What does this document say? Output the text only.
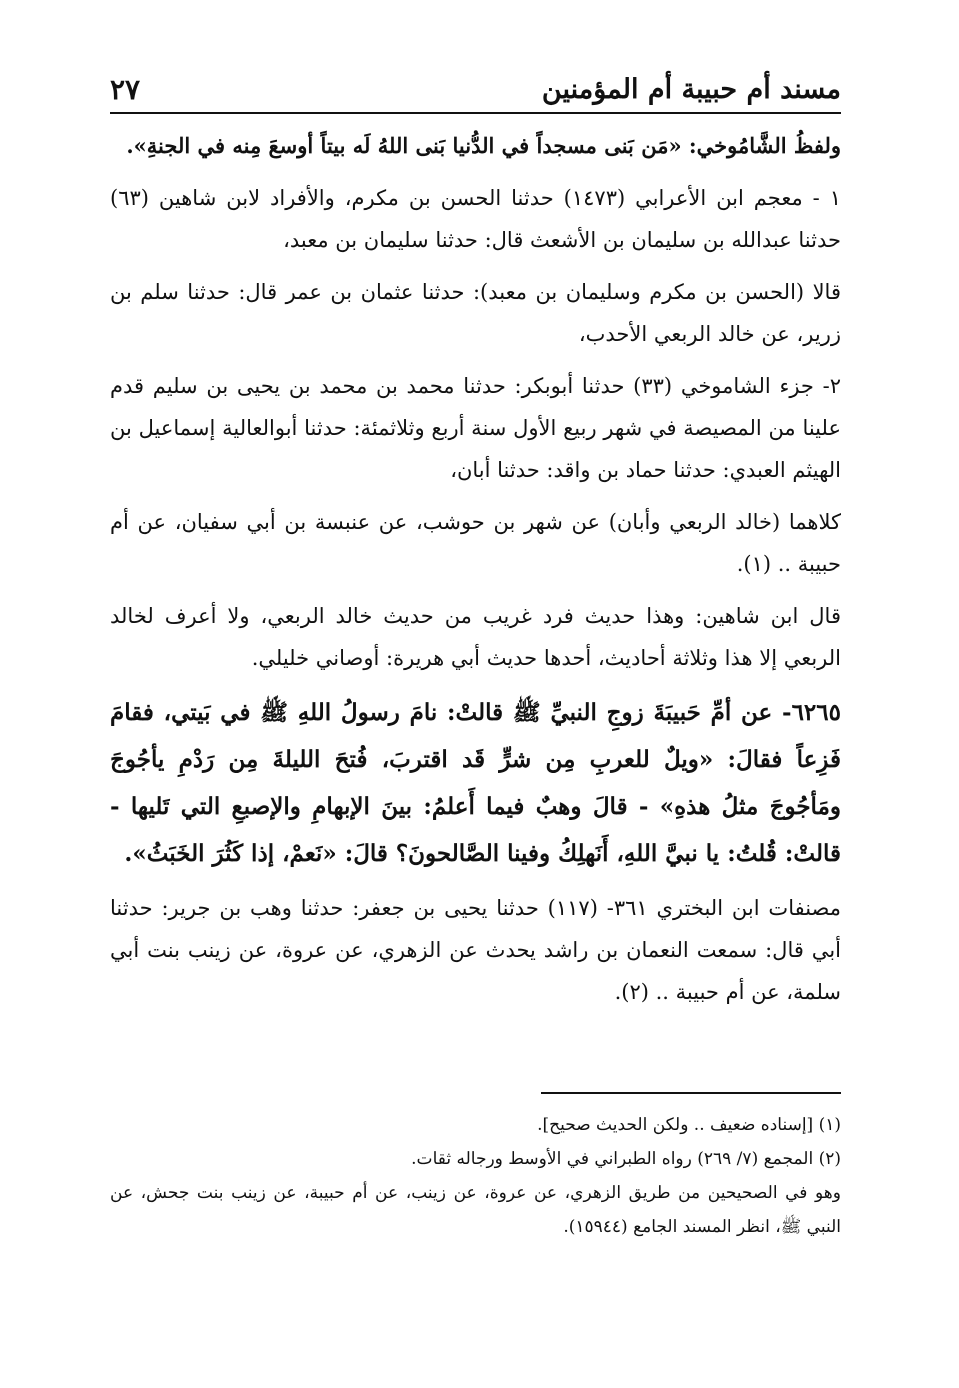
مسند أم حبيبة أم المؤمنين
٢٧

ولفظُ الشَّامُوخي: «مَن بَنى مسجداً في الدُّنيا بَنى اللهُ لَه بيتاً أوسعَ مِنه في الجنةِ».

١ - معجم ابن الأعرابي (١٤٧٣) حدثنا الحسن بن مكرم، والأفراد لابن شاهين (٦٣) حدثنا عبدالله بن سليمان بن الأشعث قال: حدثنا سليمان بن معبد،

قالا (الحسن بن مكرم وسليمان بن معبد): حدثنا عثمان بن عمر قال: حدثنا سلم بن زرير، عن خالد الربعي الأحدب،

٢- جزء الشاموخي (٣٣) حدثنا أبوبكر: حدثنا محمد بن محمد بن يحيى بن سليم قدم علينا من المصيصة في شهر ربيع الأول سنة أربع وثلاثمئة: حدثنا أبوالعالية إسماعيل بن الهيثم العبدي: حدثنا حماد بن واقد: حدثنا أبان،

كلاهما (خالد الربعي وأبان) عن شهر بن حوشب، عن عنبسة بن أبي سفيان، عن أم حبيبة .. (١).

قال ابن شاهين: وهذا حديث فرد غريب من حديث خالد الربعي، ولا أعرف لخالد الربعي إلا هذا وثلاثة أحاديث، أحدها حديث أبي هريرة: أوصاني خليلي.

٦٢٦٥- عن أمِّ حَبيبَةَ زوجِ النبيِّ ﷺ قالتْ: نامَ رسولُ اللهِ ﷺ في بَيتي، فقامَ فَزِعاً فقالَ: «ويلٌ للعربِ مِن شرٍّ قَد اقتربَ، فُتحَ الليلةَ مِن رَدْمِ يأجُوجَ ومَأجُوجَ مثلُ هذهِ» - قالَ وهبٌ فيما أَعلمُ: بينَ الإبهامِ والإصبعِ التي تَليها - قالتْ: قُلتُ: يا نبيَّ اللهِ، أَنَهلِكُ وفينا الصَّالحونَ؟ قالَ: «نَعمْ، إذا كَثُرَ الخَبَثُ».

مصنفات ابن البختري ٣٦١- (١١٧) حدثنا يحيى بن جعفر: حدثنا وهب بن جرير: حدثنا أبي قال: سمعت النعمان بن راشد يحدث عن الزهري، عن عروة، عن زينب بنت أبي سلمة، عن أم حبيبة .. (٢).

(١) [إسناده ضعيف .. ولكن الحديث صحيح].

(٢) المجمع (٧/ ٢٦٩) رواه الطبراني في الأوسط ورجاله ثقات.

وهو في الصحيحين من طريق الزهري، عن عروة، عن زينب، عن أم حبيبة، عن زينب بنت جحش، عن النبي ﷺ، انظر المسند الجامع (١٥٩٤٤).
